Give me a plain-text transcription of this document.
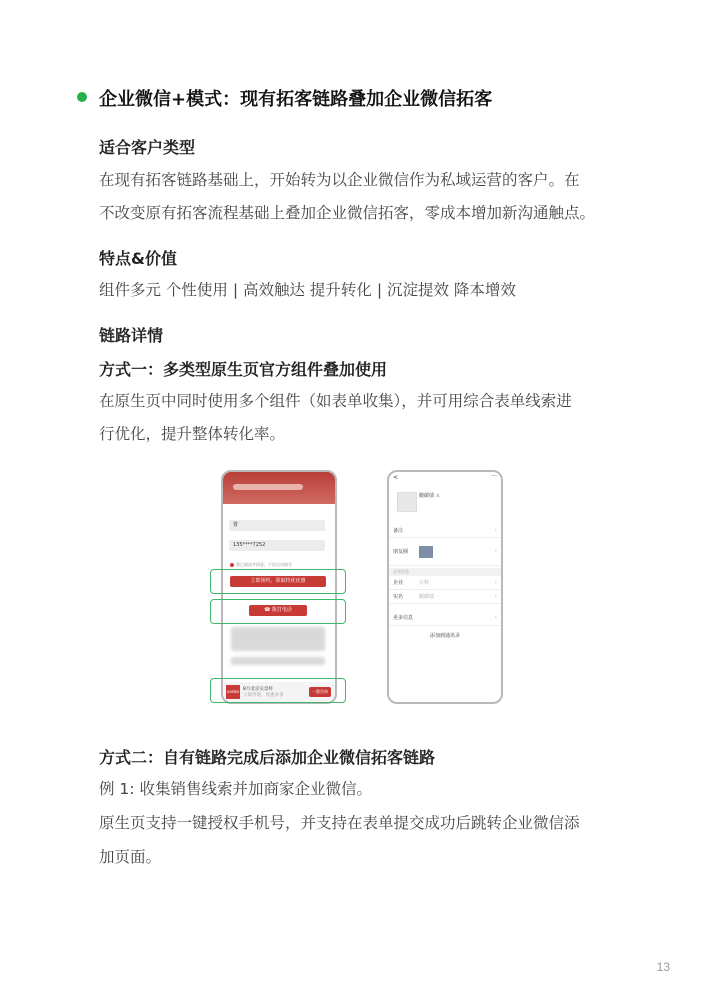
企业微信+模式：现有拓客链路叠加企业微信拓客
适合客户类型
在现有拓客链路基础上，开始转为以企业微信作为私域运营的客户。在
不改变原有拓客流程基础上叠加企业微信拓客，零成本增加新沟通触点。
特点&价值
组件多元 个性使用 | 高效触达 提升转化 | 沉淀提效 降本增效
链路详情
方式一：多类型原生页官方组件叠加使用
在原生页中同时使用多个组件（如表单收集），并可用综合表单线索进
行优化，提升整体转化率。
嘗
135****7252
我已阅读并同意，下次自动填写
立即预约，领取特优优惠
☎ 拨打电话
vanke 8月北京实景样
立即咨询，优惠多多
一键咨询
<	···
酸碳绩 ♙
备注	›
朋友圈	›
企业信息
企业	万科	›
实名	酸碳绩	›
更多信息	›
添加到通讯录
方式二：自有链路完成后添加企业微信拓客链路
例 1: 收集销售线索并加商家企业微信。
原生页支持一键授权手机号，并支持在表单提交成功后跳转企业微信添
加页面。
13
